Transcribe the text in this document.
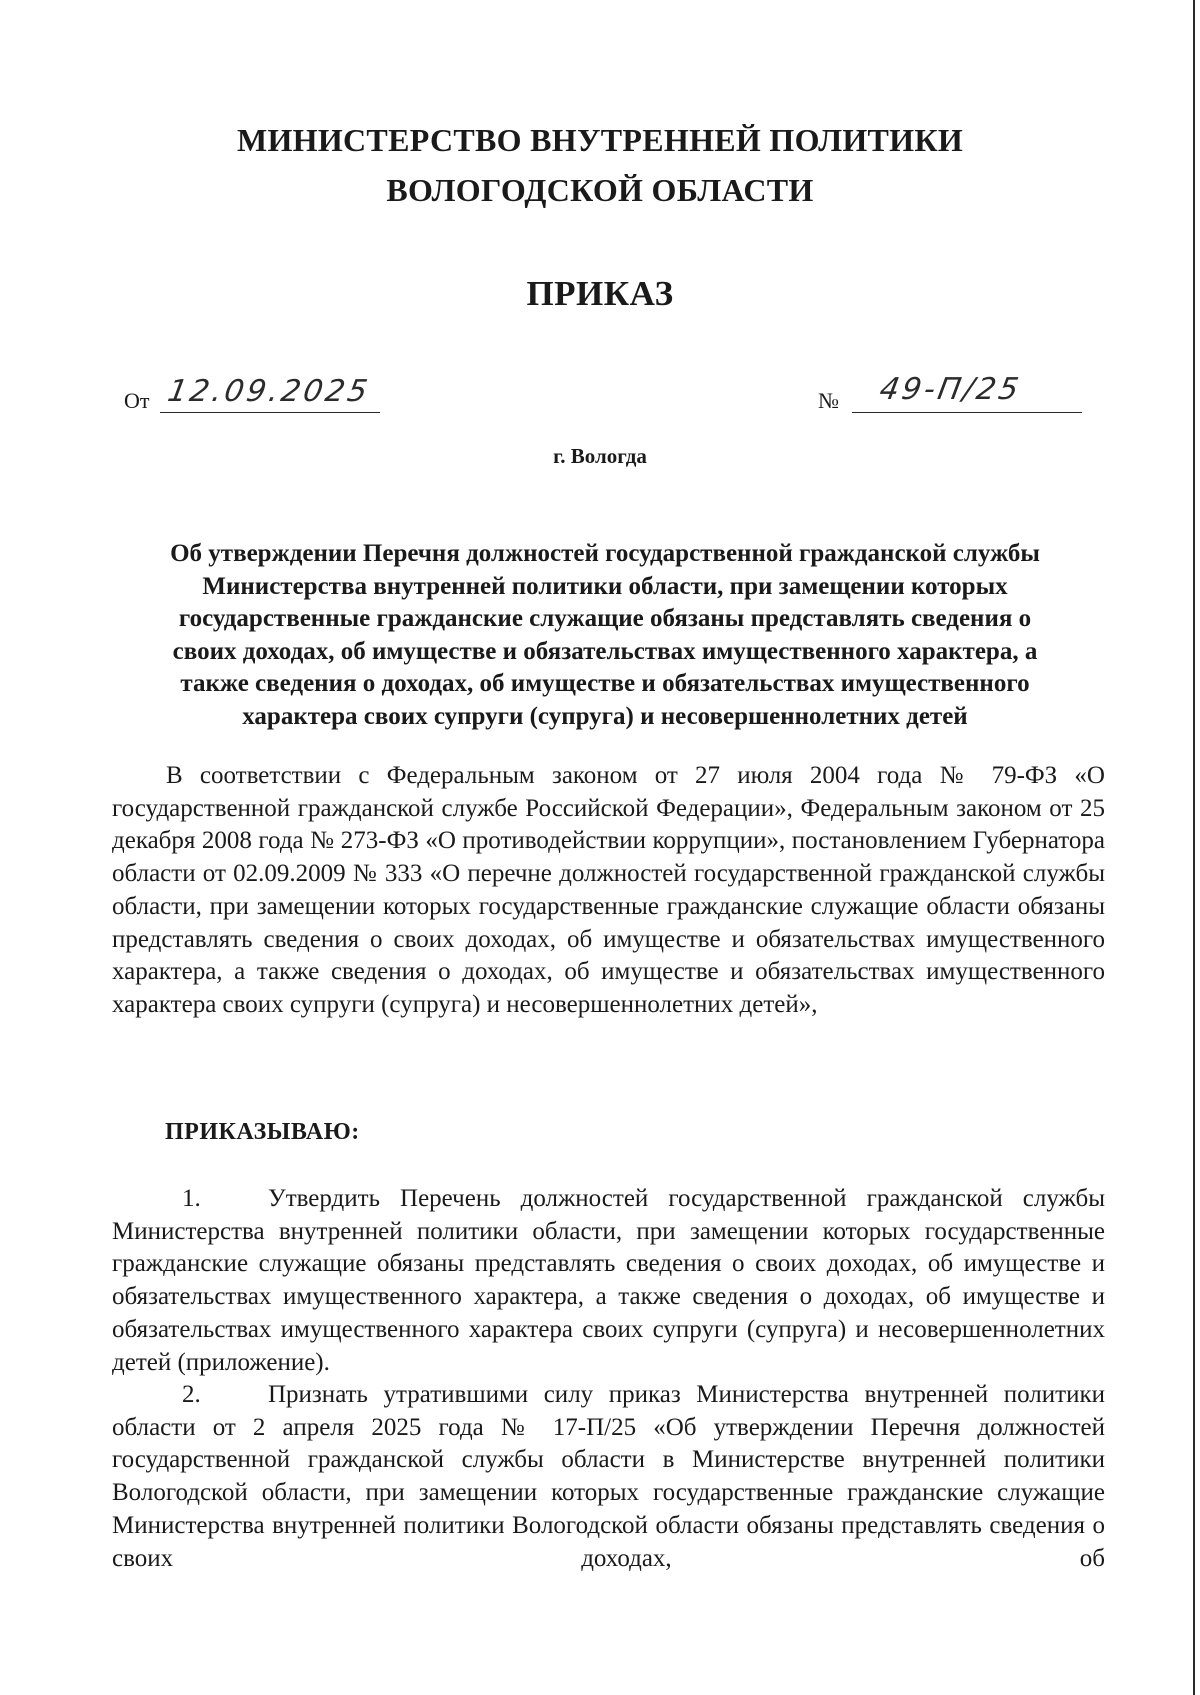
МИНИСТЕРСТВО ВНУТРЕННЕЙ ПОЛИТИКИ
ВОЛОГОДСКОЙ ОБЛАСТИ
ПРИКАЗ
От 12.09.2025	№ 49-П/25
г. Вологда
Об утверждении Перечня должностей государственной гражданской службы
Министерства внутренней политики области, при замещении которых
государственные гражданские служащие обязаны представлять сведения о
своих доходах, об имуществе и обязательствах имущественного характера, а
также сведения о доходах, об имуществе и обязательствах имущественного
характера своих супруги (супруга) и несовершеннолетних детей
В соответствии с Федеральным законом от 27 июля 2004 года № 79-ФЗ «О государственной гражданской службе Российской Федерации», Федеральным законом от 25 декабря 2008 года № 273-ФЗ «О противодействии коррупции», постановлением Губернатора области от 02.09.2009 № 333 «О перечне должностей государственной гражданской службы области, при замещении которых государственные гражданские служащие области обязаны представлять сведения о своих доходах, об имуществе и обязательствах имущественного характера, а также сведения о доходах, об имуществе и обязательствах имущественного характера своих супруги (супруга) и несовершеннолетних детей»,
ПРИКАЗЫВАЮ:
1.	Утвердить Перечень должностей государственной гражданской службы Министерства внутренней политики области, при замещении которых государственные гражданские служащие обязаны представлять сведения о своих доходах, об имуществе и обязательствах имущественного характера, а также сведения о доходах, об имуществе и обязательствах имущественного характера своих супруги (супруга) и несовершеннолетних детей (приложение).
2.	Признать утратившими силу приказ Министерства внутренней политики области от 2 апреля 2025 года № 17-П/25 «Об утверждении Перечня должностей государственной гражданской службы области в Министерстве внутренней политики Вологодской области, при замещении которых государственные гражданские служащие Министерства внутренней политики Вологодской области обязаны представлять сведения о своих доходах, об
